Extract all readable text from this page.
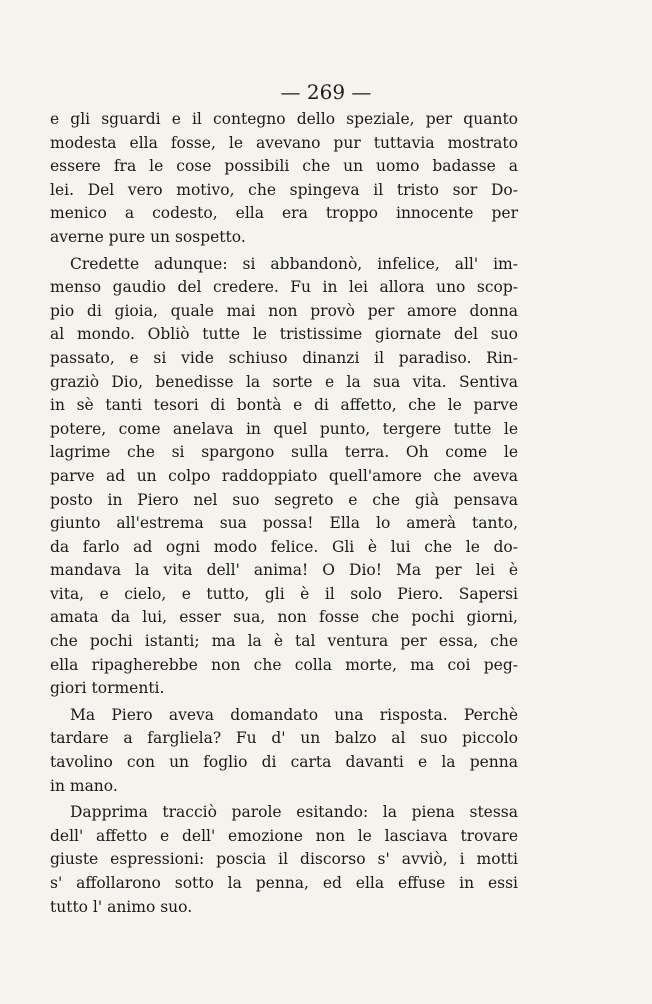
— 269 —

e gli sguardi e il contegno dello speziale, per quanto
modesta ella fosse, le avevano pur tuttavia mostrato
essere fra le cose possibili che un uomo badasse a
lei. Del vero motivo, che spingeva il tristo sor Do-
menico a codesto, ella era troppo innocente per
averne pure un sospetto.
Credette adunque: si abbandonò, infelice, all' im-
menso gaudio del credere. Fu in lei allora uno scop-
pio di gioia, quale mai non provò per amore donna
al mondo. Obliò tutte le tristissime giornate del suo
passato, e si vide schiuso dinanzi il paradiso. Rin-
graziò Dio, benedisse la sorte e la sua vita. Sentiva
in sè tanti tesori di bontà e di affetto, che le parve
potere, come anelava in quel punto, tergere tutte le
lagrime che si spargono sulla terra. Oh come le
parve ad un colpo raddoppiato quell'amore che aveva
posto in Piero nel suo segreto e che già pensava
giunto all'estrema sua possa! Ella lo amerà tanto,
da farlo ad ogni modo felice. Gli è lui che le do-
mandava la vita dell' anima! O Dio! Ma per lei è
vita, e cielo, e tutto, gli è il solo Piero. Sapersi
amata da lui, esser sua, non fosse che pochi giorni,
che pochi istanti; ma la è tal ventura per essa, che
ella ripagherebbe non che colla morte, ma coi peg-
giori tormenti.
Ma Piero aveva domandato una risposta. Perchè
tardare a fargliela? Fu d' un balzo al suo piccolo
tavolino con un foglio di carta davanti e la penna
in mano.
Dapprima tracciò parole esitando: la piena stessa
dell' affetto e dell' emozione non le lasciava trovare
giuste espressioni: poscia il discorso s' avviò, i motti
s' affollarono sotto la penna, ed ella effuse in essi
tutto l' animo suo.
